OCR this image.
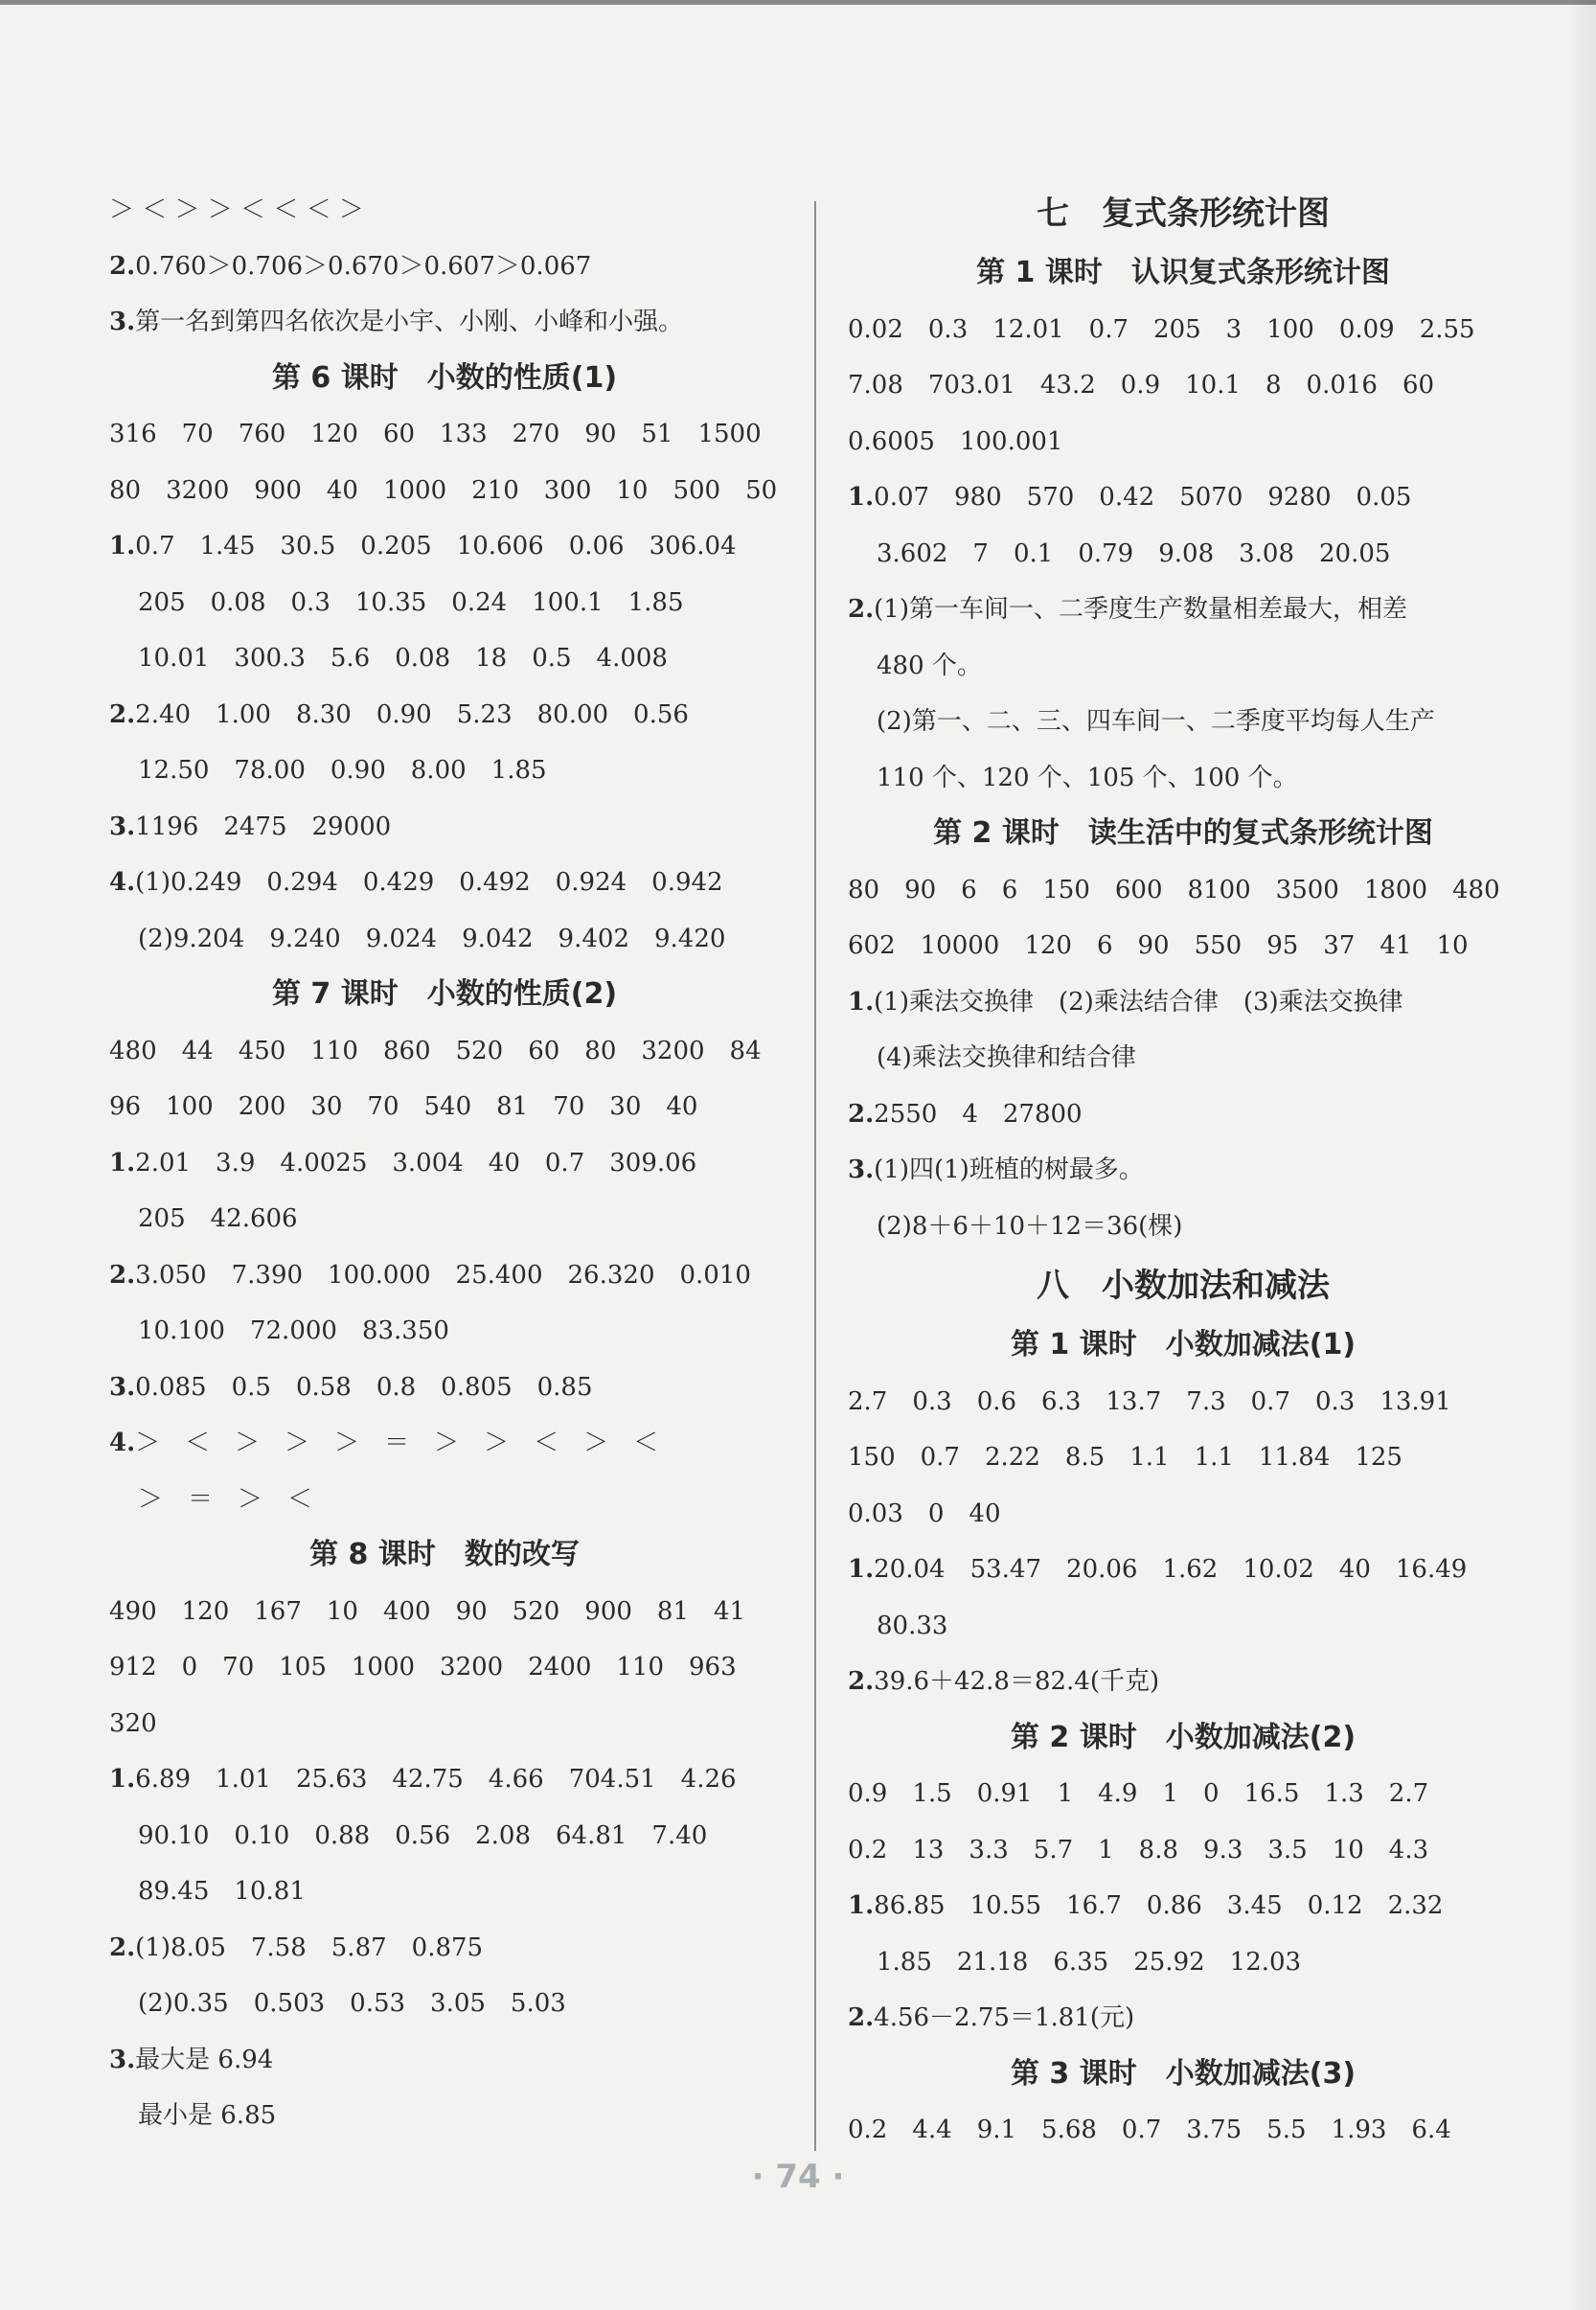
＞ ＜ ＞ ＞ ＜ ＜ ＜ ＞
2.0.760＞0.706＞0.670＞0.607＞0.067
3.第一名到第四名依次是小宇、小刚、小峰和小强。
第 6 课时　小数的性质(1)
316　70　760　120　60　133　270　90　51　1500
80　3200　900　40　1000　210　300　10　500　50
1.0.7　1.45　30.5　0.205　10.606　0.06　306.04
205　0.08　0.3　10.35　0.24　100.1　1.85
10.01　300.3　5.6　0.08　18　0.5　4.008
2.2.40　1.00　8.30　0.90　5.23　80.00　0.56
12.50　78.00　0.90　8.00　1.85
3.1196　2475　29000
4.(1)0.249　0.294　0.429　0.492　0.924　0.942
(2)9.204　9.240　9.024　9.042　9.402　9.420
第 7 课时　小数的性质(2)
480　44　450　110　860　520　60　80　3200　84
96　100　200　30　70　540　81　70　30　40
1.2.01　3.9　4.0025　3.004　40　0.7　309.06
205　42.606
2.3.050　7.390　100.000　25.400　26.320　0.010
10.100　72.000　83.350
3.0.085　0.5　0.58　0.8　0.805　0.85
4.＞　＜　＞　＞　＞　＝　＞　＞　＜　＞　＜
＞　＝　＞　＜
第 8 课时　数的改写
490　120　167　10　400　90　520　900　81　41
912　0　70　105　1000　3200　2400　110　963
320
1.6.89　1.01　25.63　42.75　4.66　704.51　4.26
90.10　0.10　0.88　0.56　2.08　64.81　7.40
89.45　10.81
2.(1)8.05　7.58　5.87　0.875
(2)0.35　0.503　0.53　3.05　5.03
3.最大是 6.94
最小是 6.85
七　复式条形统计图
第 1 课时　认识复式条形统计图
0.02　0.3　12.01　0.7　205　3　100　0.09　2.55
7.08　703.01　43.2　0.9　10.1　8　0.016　60
0.6005　100.001
1.0.07　980　570　0.42　5070　9280　0.05
3.602　7　0.1　0.79　9.08　3.08　20.05
2.(1)第一车间一、二季度生产数量相差最大，相差
480 个。
(2)第一、二、三、四车间一、二季度平均每人生产
110 个、120 个、105 个、100 个。
第 2 课时　读生活中的复式条形统计图
80　90　6　6　150　600　8100　3500　1800　480
602　10000　120　6　90　550　95　37　41　10
1.(1)乘法交换律　(2)乘法结合律　(3)乘法交换律
(4)乘法交换律和结合律
2.2550　4　27800
3.(1)四(1)班植的树最多。
(2)8＋6＋10＋12＝36(棵)
八　小数加法和减法
第 1 课时　小数加减法(1)
2.7　0.3　0.6　6.3　13.7　7.3　0.7　0.3　13.91
150　0.7　2.22　8.5　1.1　1.1　11.84　125
0.03　0　40
1.20.04　53.47　20.06　1.62　10.02　40　16.49
80.33
2.39.6＋42.8＝82.4(千克)
第 2 课时　小数加减法(2)
0.9　1.5　0.91　1　4.9　1　0　16.5　1.3　2.7
0.2　13　3.3　5.7　1　8.8　9.3　3.5　10　4.3
1.86.85　10.55　16.7　0.86　3.45　0.12　2.32
1.85　21.18　6.35　25.92　12.03
2.4.56－2.75＝1.81(元)
第 3 课时　小数加减法(3)
0.2　4.4　9.1　5.68　0.7　3.75　5.5　1.93　6.4
· 74 ·
